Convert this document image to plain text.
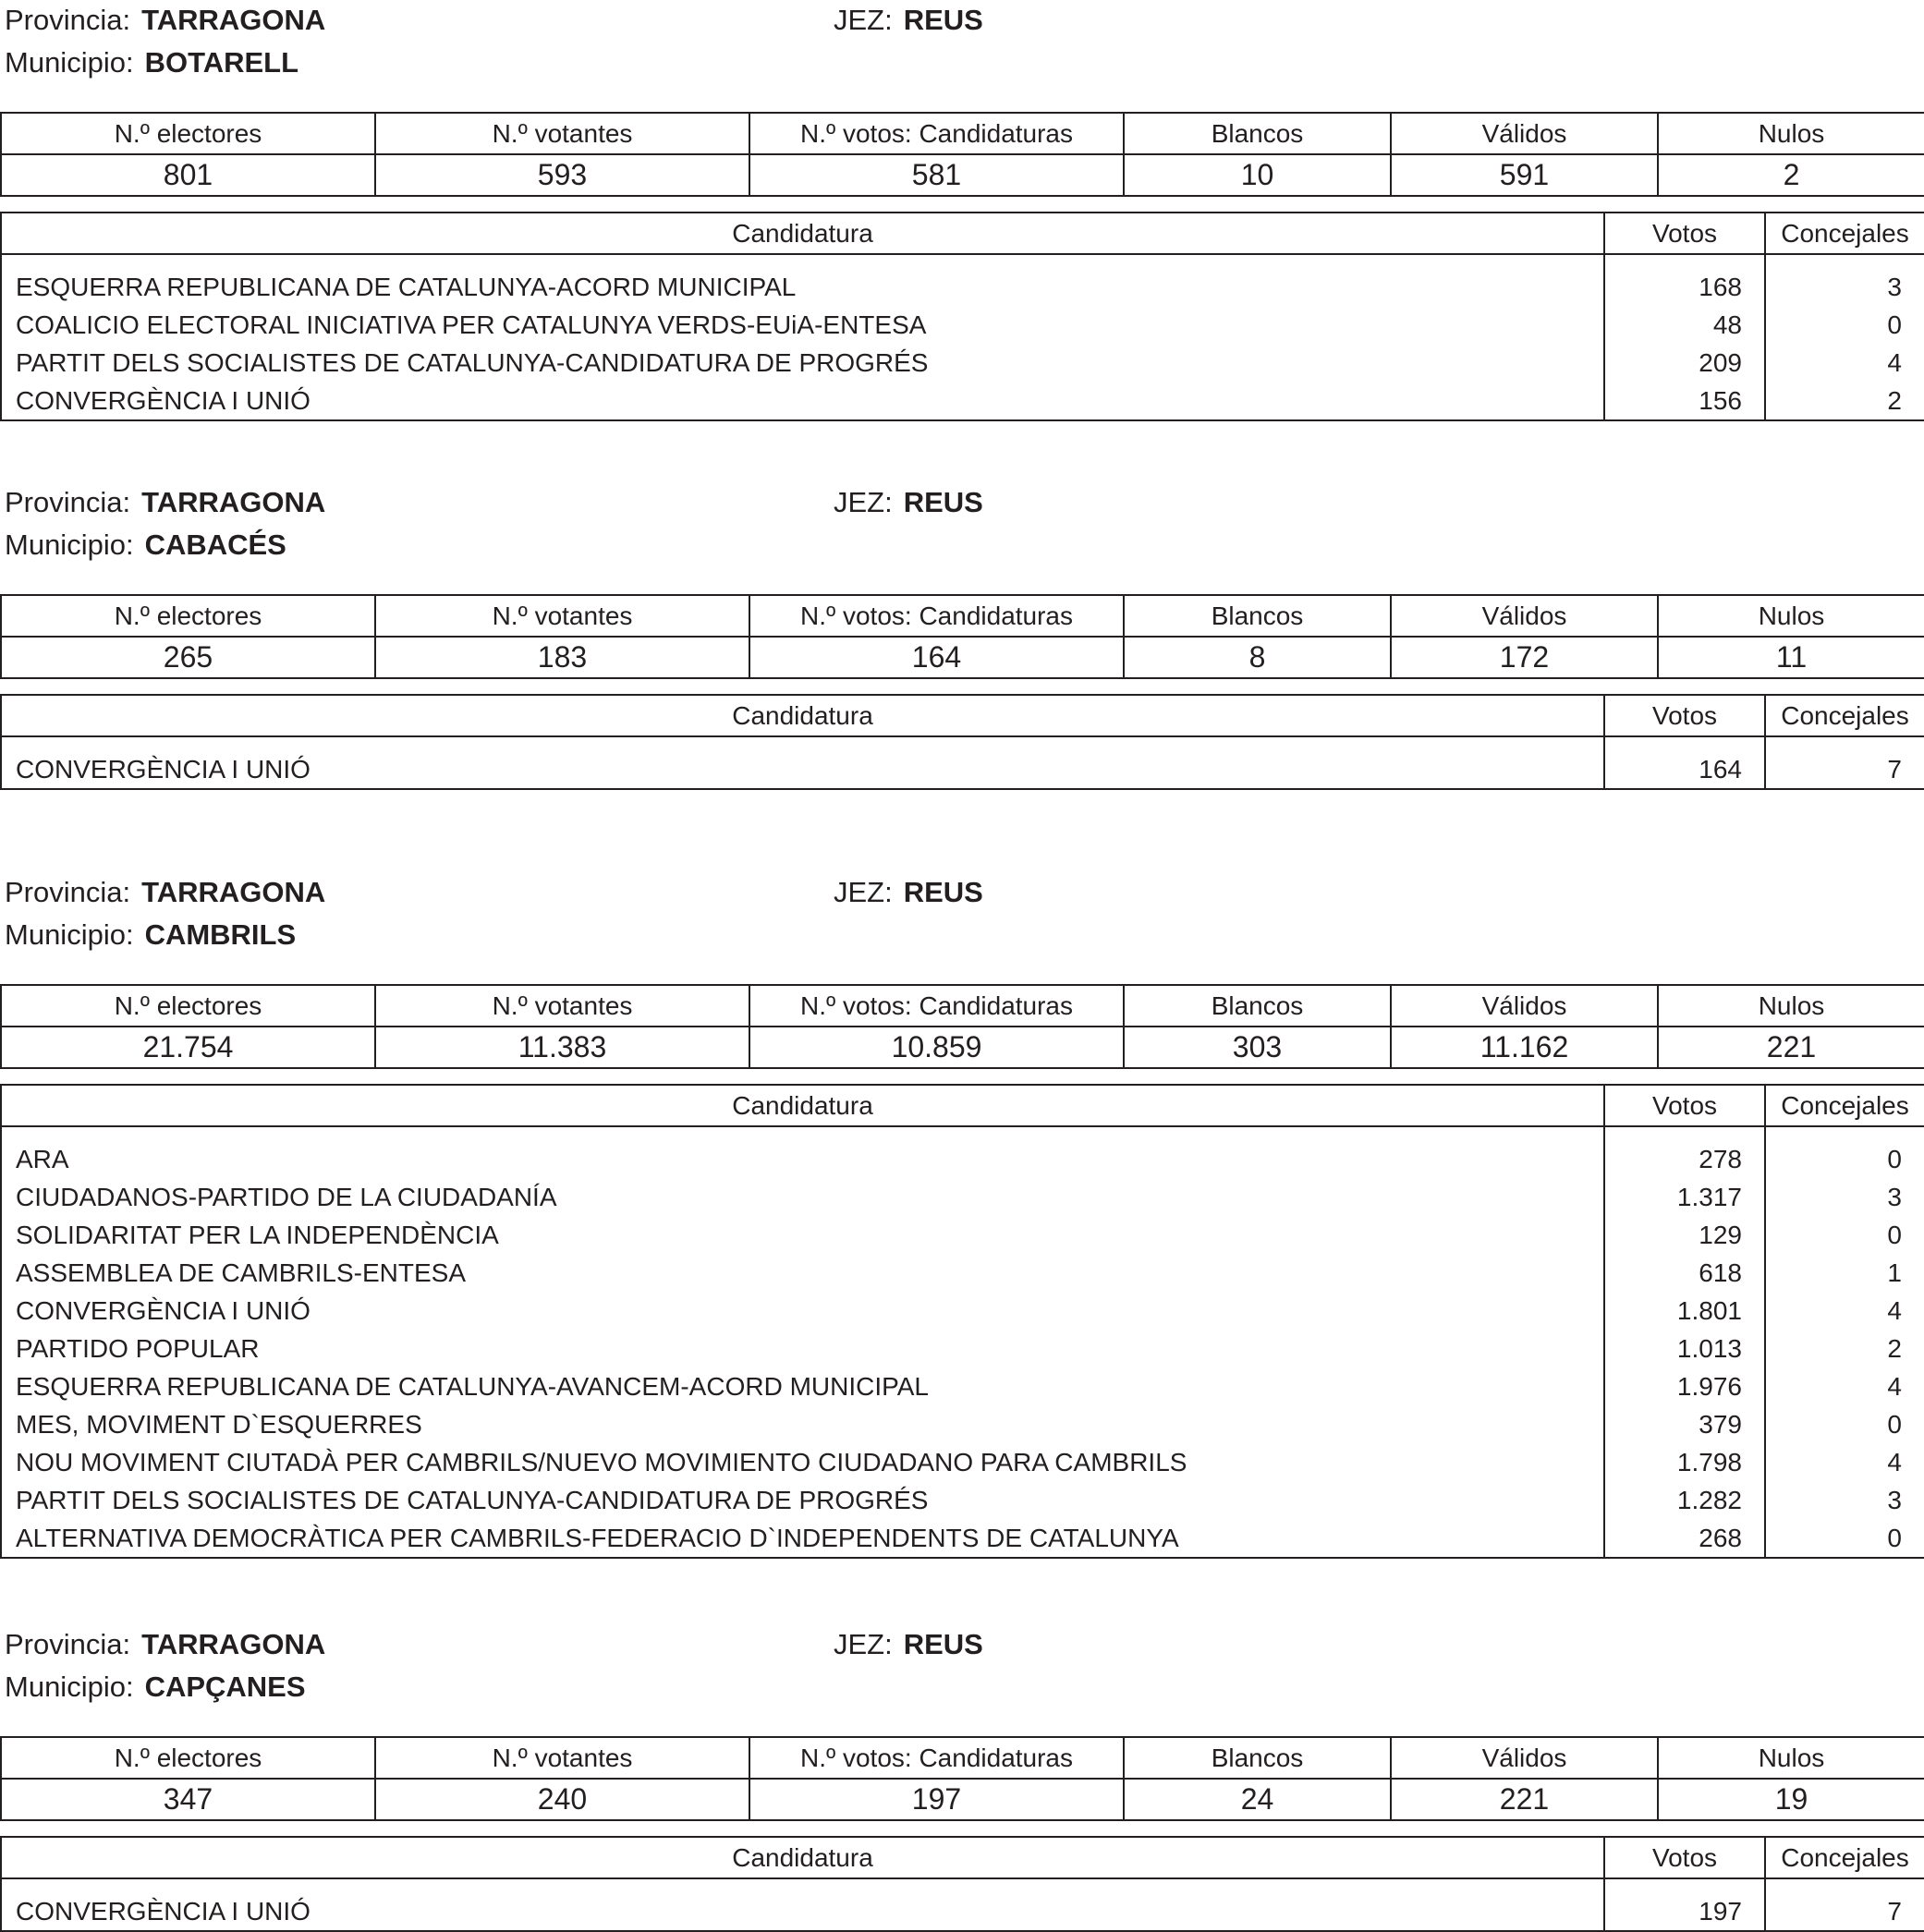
Provincia: TARRAGONA	JEZ: REUS
Municipio: BOTARELL
N.º electores	N.º votantes	N.º votos: Candidaturas	Blancos	Válidos	Nulos
801	593	581	10	591	2
Candidatura	Votos	Concejales
ESQUERRA REPUBLICANA DE CATALUNYA-ACORD MUNICIPAL	168	3
COALICIO ELECTORAL INICIATIVA PER CATALUNYA VERDS-EUiA-ENTESA	48	0
PARTIT DELS SOCIALISTES DE CATALUNYA-CANDIDATURA DE PROGRÉS	209	4
CONVERGÈNCIA I UNIÓ	156	2
Provincia: TARRAGONA	JEZ: REUS
Municipio: CABACÉS
N.º electores	N.º votantes	N.º votos: Candidaturas	Blancos	Válidos	Nulos
265	183	164	8	172	11
Candidatura	Votos	Concejales
CONVERGÈNCIA I UNIÓ	164	7
Provincia: TARRAGONA	JEZ: REUS
Municipio: CAMBRILS
N.º electores	N.º votantes	N.º votos: Candidaturas	Blancos	Válidos	Nulos
21.754	11.383	10.859	303	11.162	221
Candidatura	Votos	Concejales
ARA	278	0
CIUDADANOS-PARTIDO DE LA CIUDADANÍA	1.317	3
SOLIDARITAT PER LA INDEPENDÈNCIA	129	0
ASSEMBLEA DE CAMBRILS-ENTESA	618	1
CONVERGÈNCIA I UNIÓ	1.801	4
PARTIDO POPULAR	1.013	2
ESQUERRA REPUBLICANA DE CATALUNYA-AVANCEM-ACORD MUNICIPAL	1.976	4
MES, MOVIMENT D`ESQUERRES	379	0
NOU MOVIMENT CIUTADÀ PER CAMBRILS/NUEVO MOVIMIENTO CIUDADANO PARA CAMBRILS	1.798	4
PARTIT DELS SOCIALISTES DE CATALUNYA-CANDIDATURA DE PROGRÉS	1.282	3
ALTERNATIVA DEMOCRÀTICA PER CAMBRILS-FEDERACIO D`INDEPENDENTS DE CATALUNYA	268	0
Provincia: TARRAGONA	JEZ: REUS
Municipio: CAPÇANES
N.º electores	N.º votantes	N.º votos: Candidaturas	Blancos	Válidos	Nulos
347	240	197	24	221	19
Candidatura	Votos	Concejales
CONVERGÈNCIA I UNIÓ	197	7
